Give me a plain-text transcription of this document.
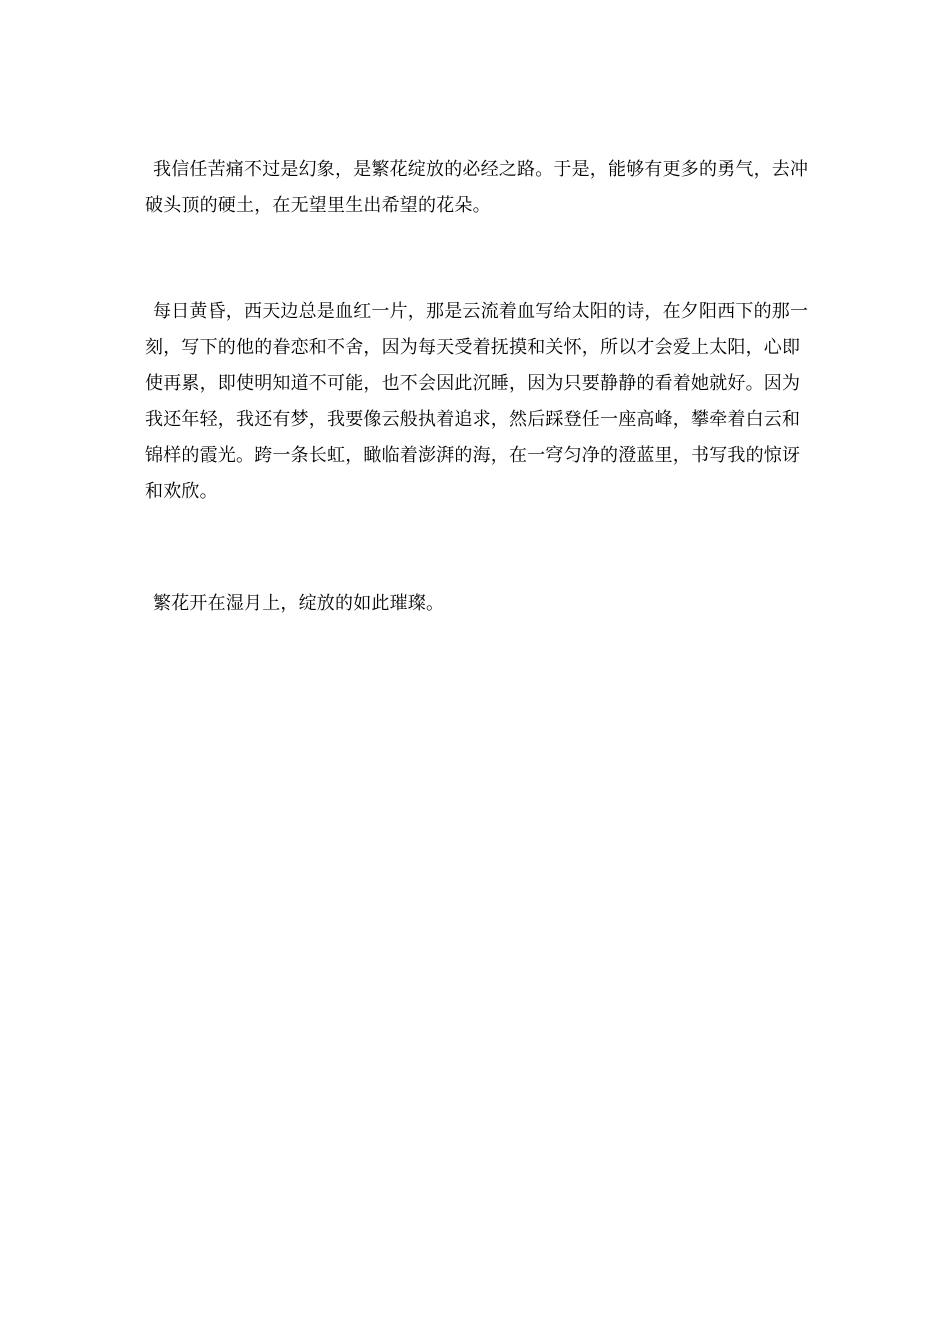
我信任苦痛不过是幻象，是繁花绽放的必经之路。于是，能够有更多的勇气，去冲破头顶的硬土，在无望里生出希望的花朵。

每日黄昏，西天边总是血红一片，那是云流着血写给太阳的诗，在夕阳西下的那一刻，写下的他的眷恋和不舍，因为每天受着抚摸和关怀，所以才会爱上太阳，心即使再累，即使明知道不可能，也不会因此沉睡，因为只要静静的看着她就好。因为我还年轻，我还有梦，我要像云般执着追求，然后踩登任一座高峰，攀牵着白云和锦样的霞光。跨一条长虹，瞰临着澎湃的海，在一穹匀净的澄蓝里，书写我的惊讶和欢欣。

繁花开在湿月上，绽放的如此璀璨。
